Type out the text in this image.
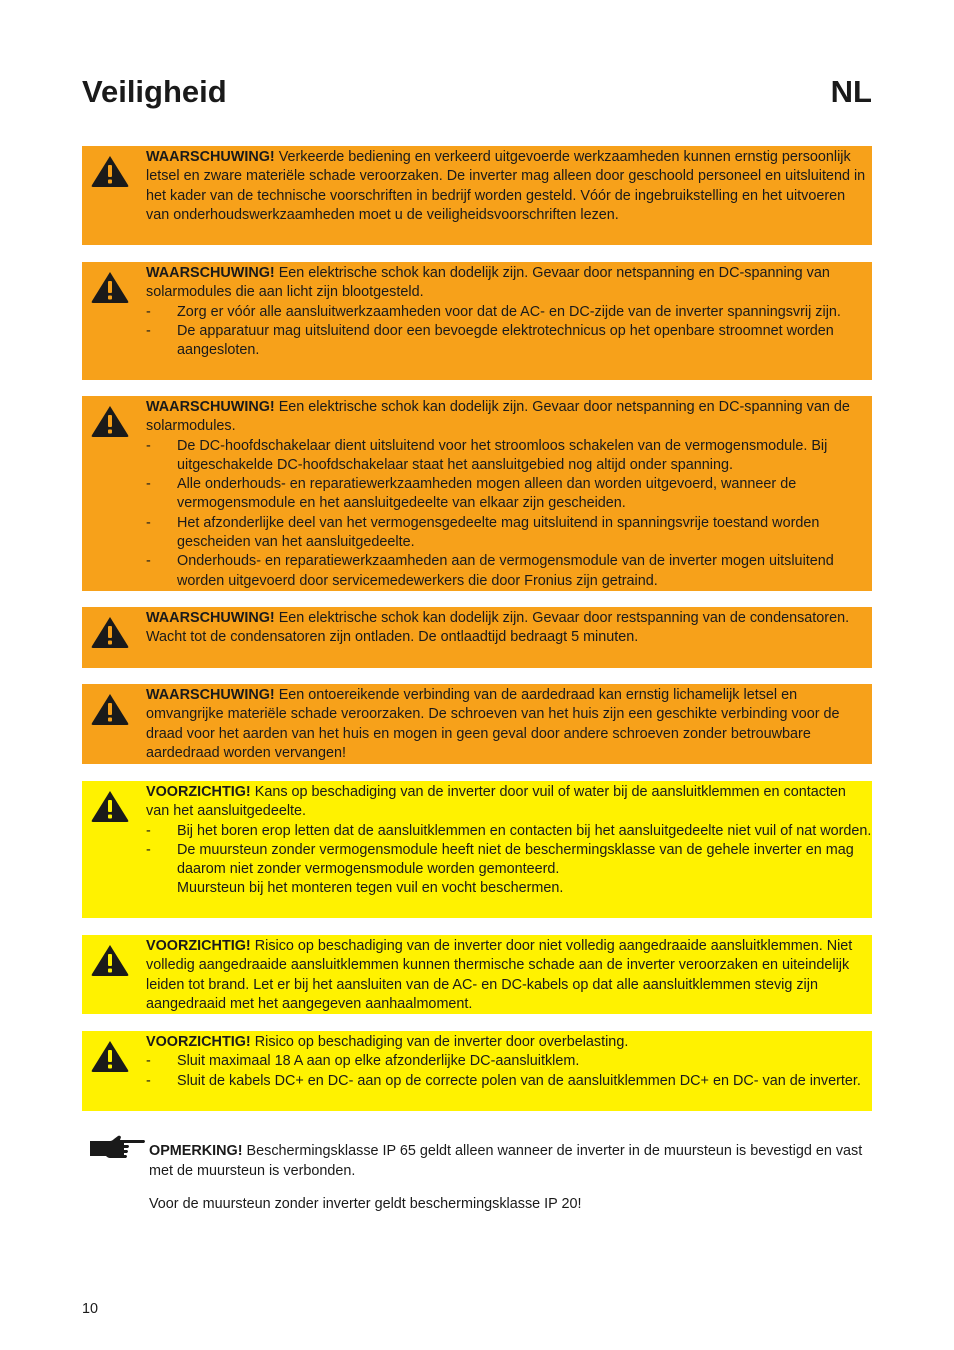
Veiligheid	NL

WAARSCHUWING! Verkeerde bediening en verkeerd uitgevoerde werkzaamheden kunnen ernstig persoonlijk letsel en zware materiële schade veroorzaken. De inverter mag alleen door geschoold personeel en uitsluitend in het kader van de technische voorschriften in bedrijf worden gesteld. Vóór de ingebruikstelling en het uitvoeren van onderhoudswerkzaamheden moet u de veiligheidsvoorschriften lezen.

WAARSCHUWING! Een elektrische schok kan dodelijk zijn. Gevaar door netspanning en DC-spanning van solarmodules die aan licht zijn blootgesteld.

- Zorg er vóór alle aansluitwerkzaamheden voor dat de AC- en DC-zijde van de inverter spanningsvrij zijn.
- De apparatuur mag uitsluitend door een bevoegde elektrotechnicus op het openbare stroomnet worden aangesloten.

WAARSCHUWING! Een elektrische schok kan dodelijk zijn. Gevaar door netspanning en DC-spanning van de solarmodules.

- De DC-hoofdschakelaar dient uitsluitend voor het stroomloos schakelen van de vermogensmodule. Bij uitgeschakelde DC-hoofdschakelaar staat het aansluitgebied nog altijd onder spanning.
- Alle onderhouds- en reparatiewerkzaamheden mogen alleen dan worden uitgevoerd, wanneer de vermogensmodule en het aansluitgedeelte van elkaar zijn gescheiden.
- Het afzonderlijke deel van het vermogensgedeelte mag uitsluitend in spanningsvrije toestand worden gescheiden van het aansluitgedeelte.
- Onderhouds- en reparatiewerkzaamheden aan de vermogensmodule van de inverter mogen uitsluitend worden uitgevoerd door servicemedewerkers die door Fronius zijn getraind.

WAARSCHUWING! Een elektrische schok kan dodelijk zijn. Gevaar door restspanning van de condensatoren.

Wacht tot de condensatoren zijn ontladen. De ontlaadtijd bedraagt 5 minuten.

WAARSCHUWING! Een ontoereikende verbinding van de aardedraad kan ernstig lichamelijk letsel en omvangrijke materiële schade veroorzaken. De schroeven van het huis zijn een geschikte verbinding voor de draad voor het aarden van het huis en mogen in geen geval door andere schroeven zonder betrouwbare aardedraad worden vervangen!

VOORZICHTIG! Kans op beschadiging van de inverter door vuil of water bij de aansluitklemmen en contacten van het aansluitgedeelte.

- Bij het boren erop letten dat de aansluitklemmen en contacten bij het aansluitgedeelte niet vuil of nat worden.
- De muursteun zonder vermogensmodule heeft niet de beschermingsklasse van de gehele inverter en mag daarom niet zonder vermogensmodule worden gemonteerd.
Muursteun bij het monteren tegen vuil en vocht beschermen.

VOORZICHTIG! Risico op beschadiging van de inverter door niet volledig aangedraaide aansluitklemmen. Niet volledig aangedraaide aansluitklemmen kunnen thermische schade aan de inverter veroorzaken en uiteindelijk leiden tot brand. Let er bij het aansluiten van de AC- en DC-kabels op dat alle aansluitklemmen stevig zijn aangedraaid met het aangegeven aanhaalmoment.

VOORZICHTIG! Risico op beschadiging van de inverter door overbelasting.

- Sluit maximaal 18 A aan op elke afzonderlijke DC-aansluitklem.
- Sluit de kabels DC+ en DC- aan op de correcte polen van de aansluitklemmen DC+ en DC- van de inverter.

OPMERKING! Beschermingsklasse IP 65 geldt alleen wanneer de inverter in de muursteun is bevestigd en vast met de muursteun is verbonden.

Voor de muursteun zonder inverter geldt beschermingsklasse IP 20!

10
